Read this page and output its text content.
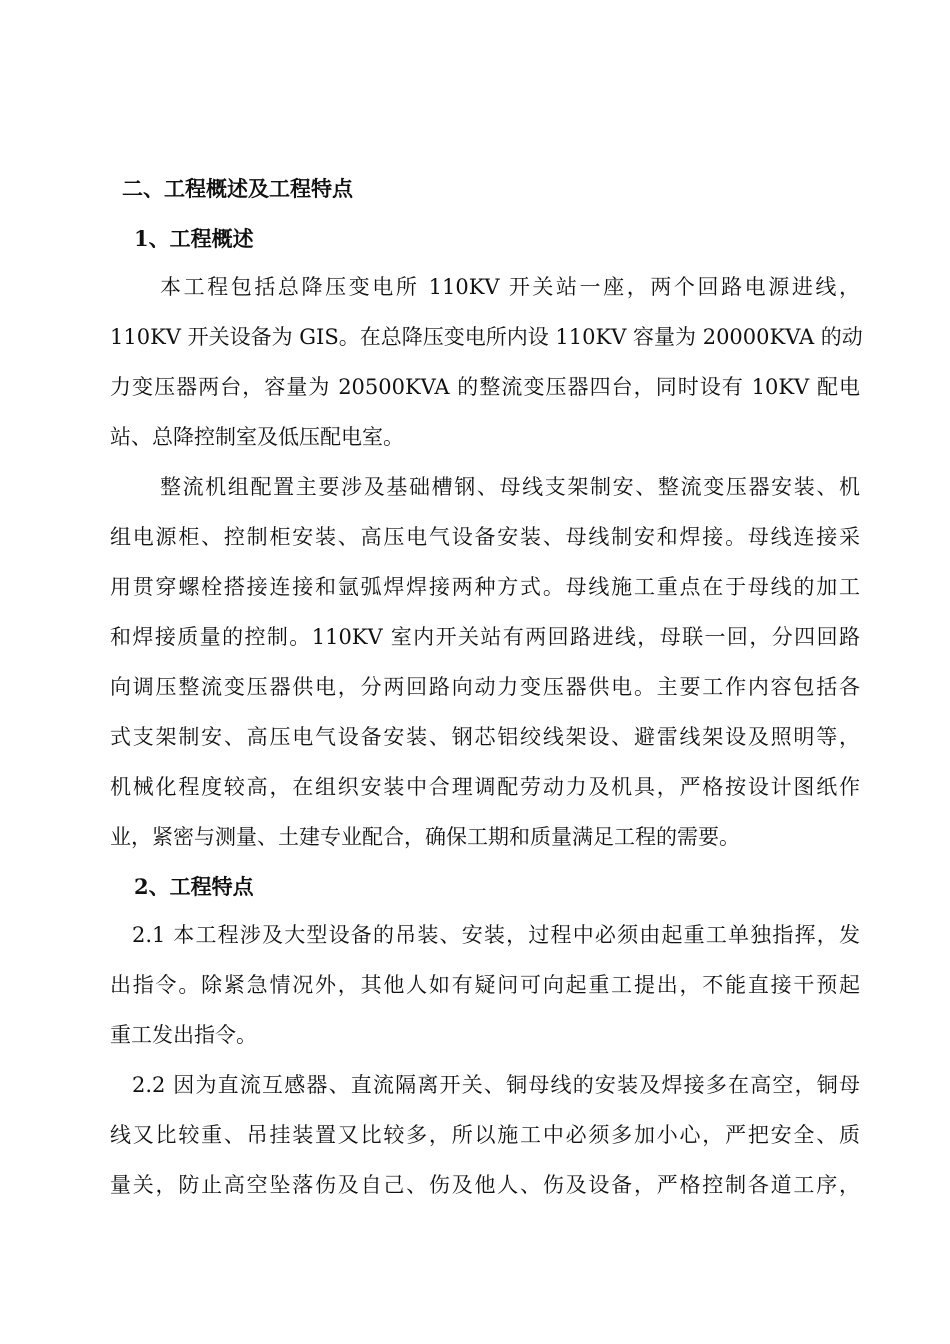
二、工程概述及工程特点
1、工程概述
本工程包括总降压变电所 110KV 开关站一座，两个回路电源进线，
110KV 开关设备为 GIS。在总降压变电所内设 110KV 容量为 20000KVA 的动
力变压器两台，容量为 20500KVA 的整流变压器四台，同时设有 10KV 配电
站、总降控制室及低压配电室。
整流机组配置主要涉及基础槽钢、母线支架制安、整流变压器安装、机
组电源柜、控制柜安装、高压电气设备安装、母线制安和焊接。母线连接采
用贯穿螺栓搭接连接和氩弧焊焊接两种方式。母线施工重点在于母线的加工
和焊接质量的控制。110KV 室内开关站有两回路进线，母联一回，分四回路
向调压整流变压器供电，分两回路向动力变压器供电。主要工作内容包括各
式支架制安、高压电气设备安装、钢芯铝绞线架设、避雷线架设及照明等，
机械化程度较高，在组织安装中合理调配劳动力及机具，严格按设计图纸作
业，紧密与测量、土建专业配合，确保工期和质量满足工程的需要。
2、工程特点
2.1 本工程涉及大型设备的吊装、安装，过程中必须由起重工单独指挥，发
出指令。除紧急情况外，其他人如有疑问可向起重工提出，不能直接干预起
重工发出指令。
2.2 因为直流互感器、直流隔离开关、铜母线的安装及焊接多在高空，铜母
线又比较重、吊挂装置又比较多，所以施工中必须多加小心，严把安全、质
量关，防止高空坠落伤及自己、伤及他人、伤及设备，严格控制各道工序，
